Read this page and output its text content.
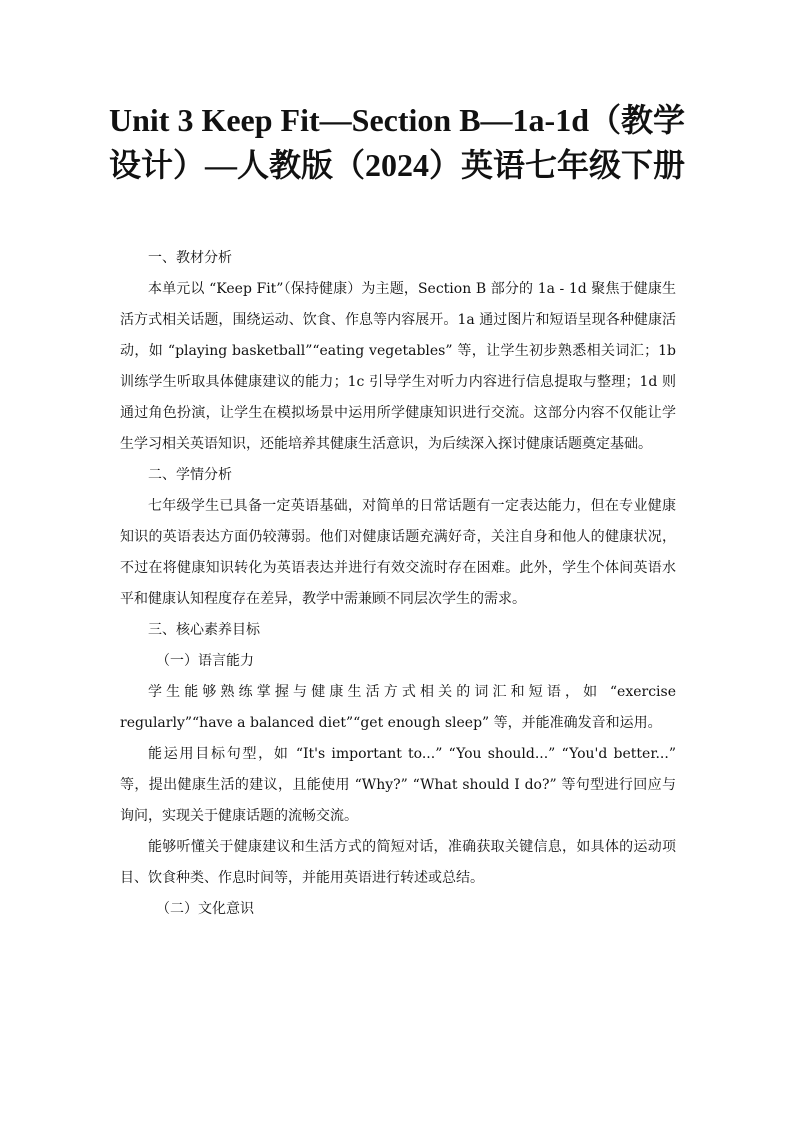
Unit 3 Keep Fit—Section B—1a-1d（教学设计）—人教版（2024）英语七年级下册

一、教材分析

本单元以 “Keep Fit”（保持健康）为主题，Section B 部分的 1a - 1d 聚焦于健康生活方式相关话题，围绕运动、饮食、作息等内容展开。1a 通过图片和短语呈现各种健康活动，如 “playing basketball”“eating vegetables” 等，让学生初步熟悉相关词汇；1b 训练学生听取具体健康建议的能力；1c 引导学生对听力内容进行信息提取与整理；1d 则通过角色扮演，让学生在模拟场景中运用所学健康知识进行交流。这部分内容不仅能让学生学习相关英语知识，还能培养其健康生活意识，为后续深入探讨健康话题奠定基础。

二、学情分析

七年级学生已具备一定英语基础，对简单的日常话题有一定表达能力，但在专业健康知识的英语表达方面仍较薄弱。他们对健康话题充满好奇，关注自身和他人的健康状况，不过在将健康知识转化为英语表达并进行有效交流时存在困难。此外，学生个体间英语水平和健康认知程度存在差异，教学中需兼顾不同层次学生的需求。

三、核心素养目标

（一）语言能力

学生能够熟练掌握与健康生活方式相关的词汇和短语，如 “exercise regularly”“have a balanced diet”“get enough sleep” 等，并能准确发音和运用。

能运用目标句型，如 “It's important to...” “You should...” “You'd better...” 等，提出健康生活的建议，且能使用 “Why?” “What should I do?” 等句型进行回应与询问，实现关于健康话题的流畅交流。

能够听懂关于健康建议和生活方式的简短对话，准确获取关键信息，如具体的运动项目、饮食种类、作息时间等，并能用英语进行转述或总结。

（二）文化意识
